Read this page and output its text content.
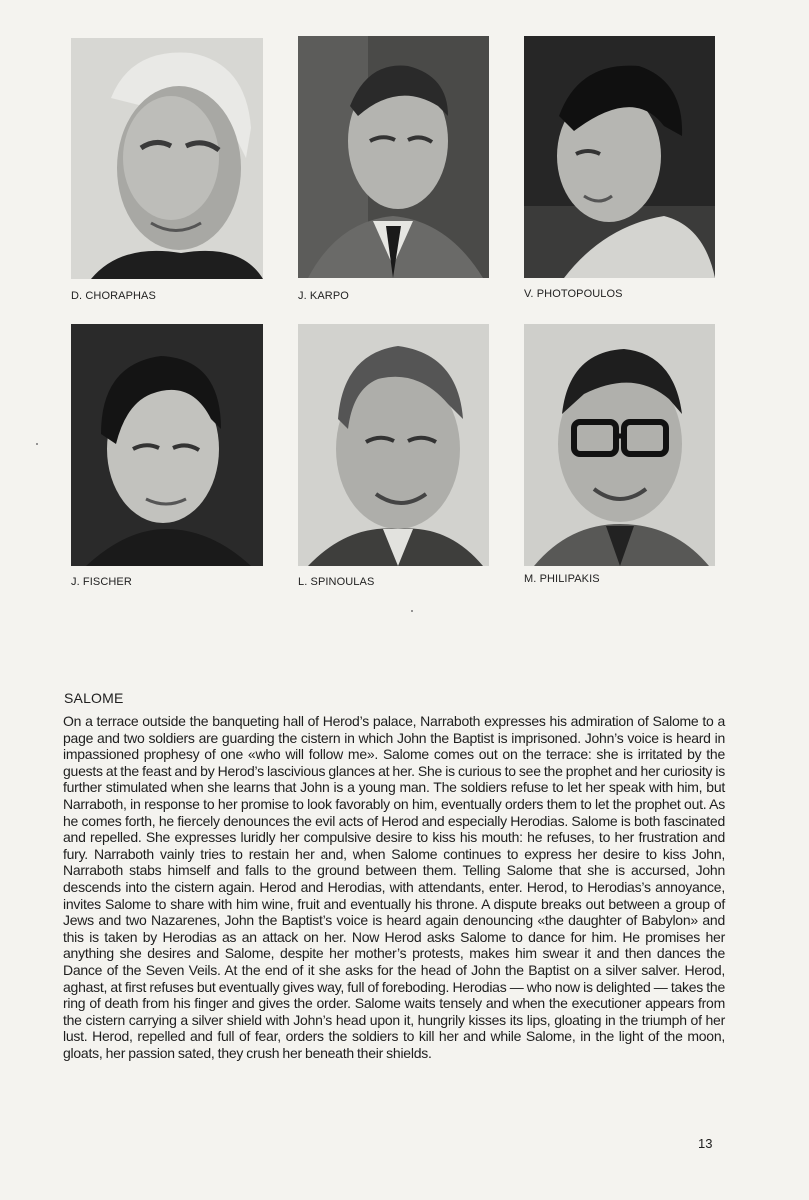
D. CHORAPHAS	J. KARPO	V. PHOTOPOULOS
J. FISCHER	L. SPINOULAS	M. PHILIPAKIS
SALOME
On a terrace outside the banqueting hall of Herod’s palace, Narraboth expresses his admiration of Salome to a page and two soldiers are guarding the cistern in which John the Baptist is imprisoned. John’s voice is heard in impassioned prophesy of one «who will follow me». Salome comes out on the terrace: she is irritated by the guests at the feast and by Herod’s lascivious glances at her. She is curious to see the prophet and her curiosity is further stimulated when she learns that John is a young man. The soldiers refuse to let her speak with him, but Narraboth, in response to her promise to look favorably on him, eventually orders them to let the prophet out. As he comes forth, he fiercely denounces the evil acts of Herod and especially Herodias. Salome is both fascinated and repelled. She expresses luridly her compulsive desire to kiss his mouth: he refuses, to her frustration and fury. Narraboth vainly tries to restain her and, when Salome continues to express her desire to kiss John, Narraboth stabs himself and falls to the ground between them. Telling Salome that she is accursed, John descends into the cistern again. Herod and Herodias, with attendants, enter. Herod, to Herodias’s annoyance, invites Salome to share with him wine, fruit and eventually his throne. A dispute breaks out between a group of Jews and two Nazarenes, John the Baptist’s voice is heard again denouncing «the daughter of Babylon» and this is taken by Herodias as an attack on her. Now Herod asks Salome to dance for him. He promises her anything she desires and Salome, despite her mother’s protests, makes him swear it and then dances the Dance of the Seven Veils. At the end of it she asks for the head of John the Baptist on a silver salver. Herod, aghast, at first refuses but eventually gives way, full of foreboding. Herodias — who now is delighted — takes the ring of death from his finger and gives the order. Salome waits tensely and when the executioner appears from the cistern carrying a silver shield with John’s head upon it, hungrily kisses its lips, gloating in the triumph of her lust. Herod, repelled and full of fear, orders the soldiers to kill her and while Salome, in the light of the moon, gloats, her passion sated, they crush her beneath their shields.
13
